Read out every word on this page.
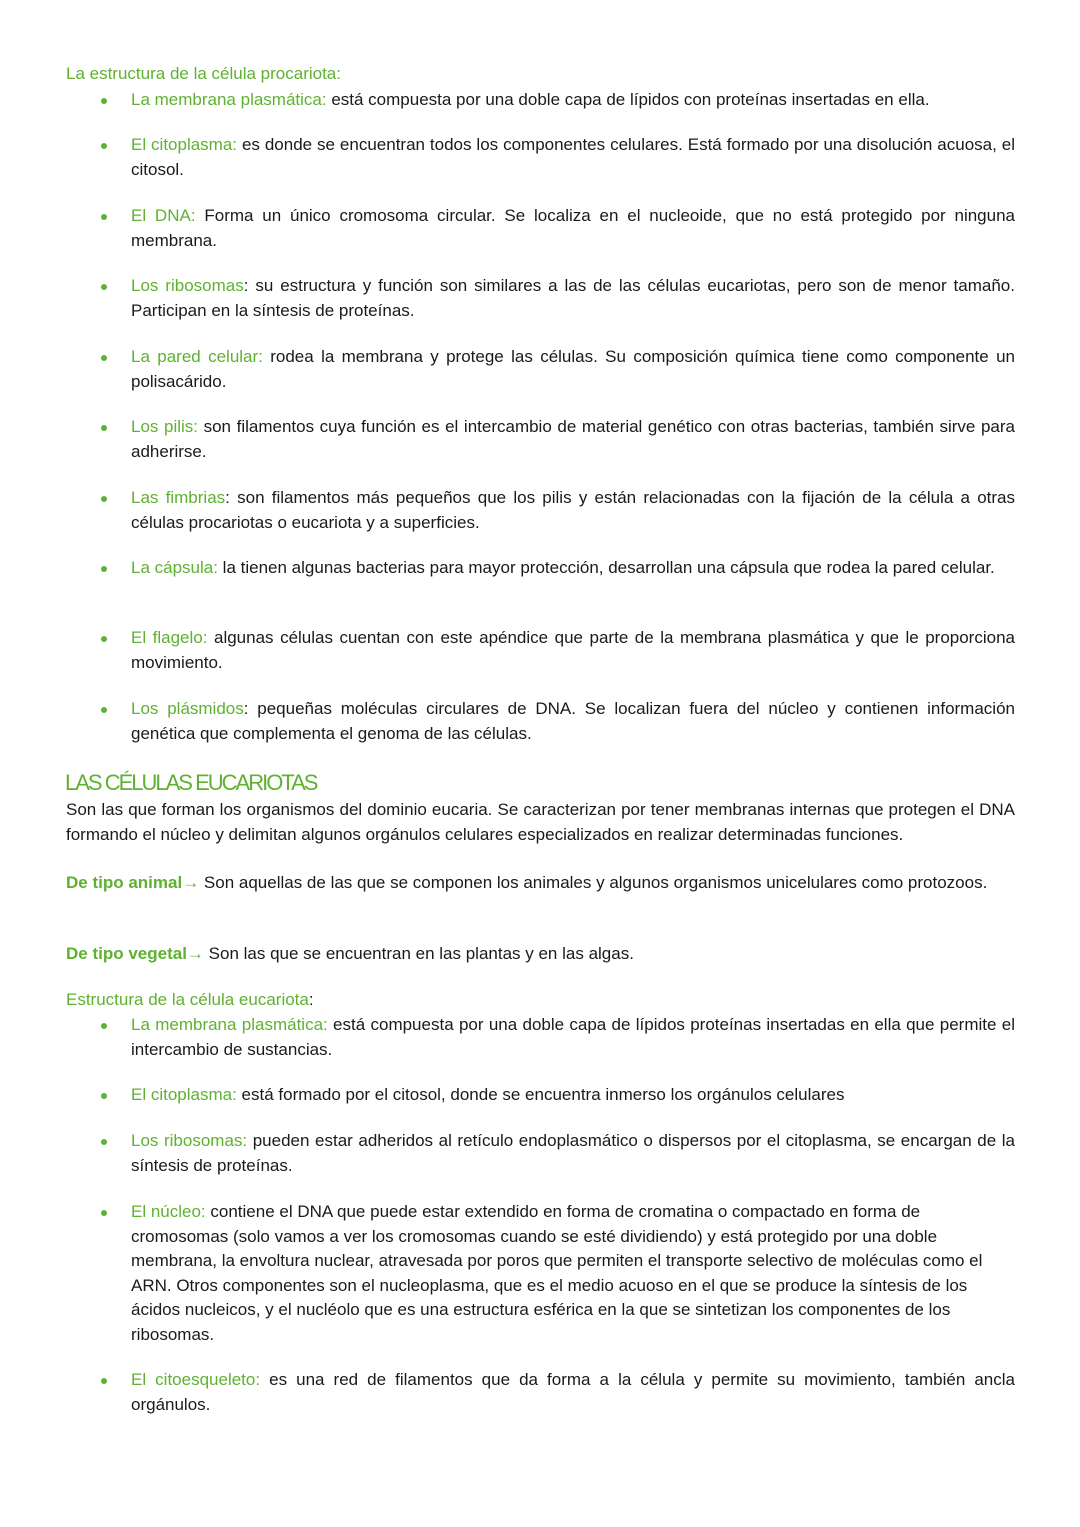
La estructura de la célula procariota:
La membrana plasmática: está compuesta por una doble capa de lípidos con proteínas insertadas en ella.
El citoplasma: es donde se encuentran todos los componentes celulares. Está formado por una disolución acuosa, el citosol.
El DNA: Forma un único cromosoma circular. Se localiza en el nucleoide, que no está protegido por ninguna membrana.
Los ribosomas: su estructura y función son similares a las de las células eucariotas, pero son de menor tamaño. Participan en la síntesis de proteínas.
La pared celular: rodea la membrana y protege las células. Su composición química tiene como componente un polisacárido.
Los pilis: son filamentos cuya función es el intercambio de material genético con otras bacterias, también sirve para adherirse.
Las fimbrias: son filamentos más pequeños que los pilis y están relacionadas con la fijación de la célula a otras células procariotas o eucariota y a superficies.
La cápsula: la tienen algunas bacterias para mayor protección, desarrollan una cápsula que rodea la pared celular.
El flagelo: algunas células cuentan con este apéndice que parte de la membrana plasmática y que le proporciona movimiento.
Los plásmidos: pequeñas moléculas circulares de DNA. Se localizan fuera del núcleo y contienen información genética que complementa el genoma de las células.
LAS CÉLULAS EUCARIOTAS
Son las que forman los organismos del dominio eucaria. Se caracterizan por tener membranas internas que protegen el DNA formando el núcleo y delimitan algunos orgánulos celulares especializados en realizar determinadas funciones.
De tipo animal→ Son aquellas de las que se componen los animales y algunos organismos unicelulares como protozoos.
De tipo vegetal→ Son las que se encuentran en las plantas y en las algas.
Estructura de la célula eucariota:
La membrana plasmática: está compuesta por una doble capa de lípidos proteínas insertadas en ella que permite el intercambio de sustancias.
El citoplasma: está formado por el citosol, donde se encuentra inmerso los orgánulos celulares
Los ribosomas: pueden estar adheridos al retículo endoplasmático o dispersos por el citoplasma, se encargan de la síntesis de proteínas.
El núcleo: contiene el DNA que puede estar extendido en forma de cromatina o compactado en forma de cromosomas (solo vamos a ver los cromosomas cuando se esté dividiendo) y está protegido por una doble membrana, la envoltura nuclear, atravesada por poros que permiten el transporte selectivo de moléculas como el ARN. Otros componentes son el nucleoplasma, que es el medio acuoso en el que se produce la síntesis de los ácidos nucleicos, y el nucléolo que es una estructura esférica en la que se sintetizan los componentes de los ribosomas.
El citoesqueleto: es una red de filamentos que da forma a la célula y permite su movimiento, también ancla orgánulos.
